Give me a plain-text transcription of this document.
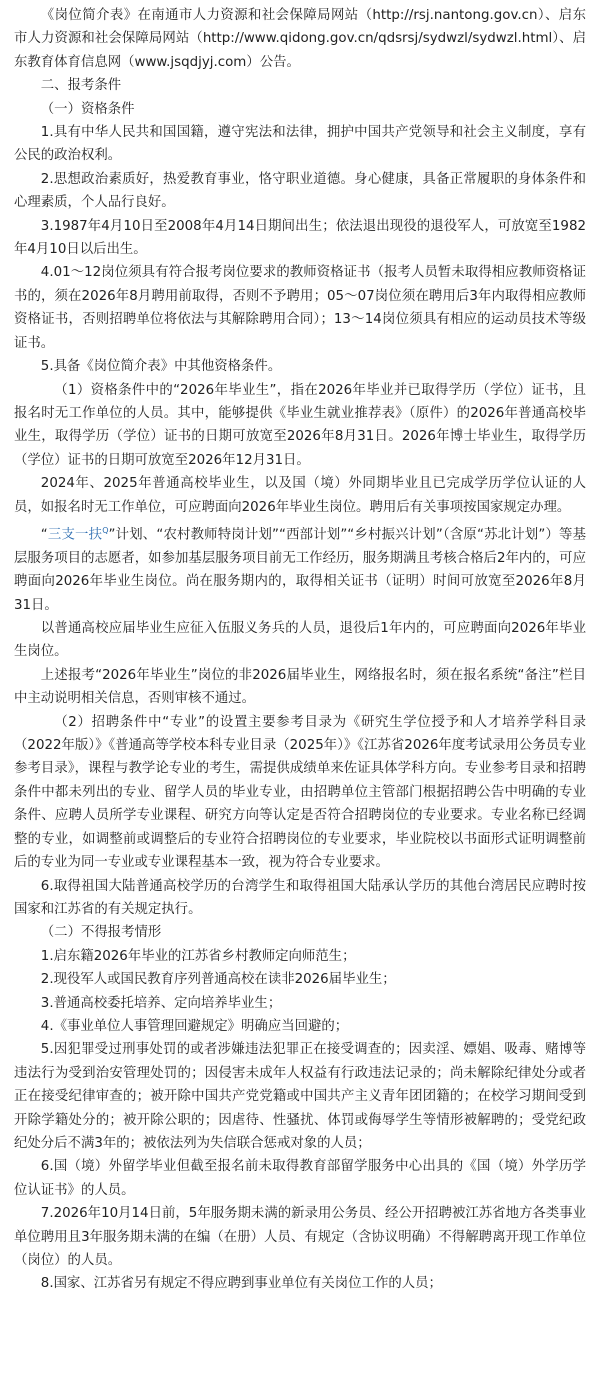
《岗位简介表》在南通市人力资源和社会保障局网站（http://rsj.nantong.gov.cn）、启东市人力资源和社会保障局网站（http://www.qidong.gov.cn/qdsrsj/sydwzl/sydwzl.html）、启东教育体育信息网（www.jsqdjyj.com）公告。

二、报考条件

（一）资格条件

1.具有中华人民共和国国籍，遵守宪法和法律，拥护中国共产党领导和社会主义制度，享有公民的政治权利。

2.思想政治素质好，热爱教育事业，恪守职业道德。身心健康，具备正常履职的身体条件和心理素质，个人品行良好。

3.1987年4月10日至2008年4月14日期间出生；依法退出现役的退役军人，可放宽至1982年4月10日以后出生。

4.01～12岗位须具有符合报考岗位要求的教师资格证书（报考人员暂未取得相应教师资格证书的，须在2026年8月聘用前取得，否则不予聘用；05～07岗位须在聘用后3年内取得相应教师资格证书，否则招聘单位将依法与其解除聘用合同）；13～14岗位须具有相应的运动员技术等级证书。

5.具备《岗位简介表》中其他资格条件。

（1）资格条件中的“2026年毕业生”，指在2026年毕业并已取得学历（学位）证书，且报名时无工作单位的人员。其中，能够提供《毕业生就业推荐表》（原件）的2026年普通高校毕业生，取得学历（学位）证书的日期可放宽至2026年8月31日。2026年博士毕业生，取得学历（学位）证书的日期可放宽至2026年12月31日。

2024年、2025年普通高校毕业生，以及国（境）外同期毕业且已完成学历学位认证的人员，如报名时无工作单位，可应聘面向2026年毕业生岗位。聘用后有关事项按国家规定办理。

“三支一扶$^Q$”计划、“农村教师特岗计划”“西部计划”“乡村振兴计划”（含原“苏北计划”）等基层服务项目的志愿者，如参加基层服务项目前无工作经历，服务期满且考核合格后2年内的，可应聘面向2026年毕业生岗位。尚在服务期内的，取得相关证书（证明）时间可放宽至2026年8月31日。

以普通高校应届毕业生应征入伍服义务兵的人员，退役后1年内的，可应聘面向2026年毕业生岗位。

上述报考“2026年毕业生”岗位的非2026届毕业生，网络报名时，须在报名系统“备注”栏目中主动说明相关信息，否则审核不通过。

（2）招聘条件中“专业”的设置主要参考目录为《研究生学位授予和人才培养学科目录（2022年版）》《普通高等学校本科专业目录（2025年）》《江苏省2026年度考试录用公务员专业参考目录》，课程与教学论专业的考生，需提供成绩单来佐证具体学科方向。专业参考目录和招聘条件中都未列出的专业、留学人员的毕业专业，由招聘单位主管部门根据招聘公告中明确的专业条件、应聘人员所学专业课程、研究方向等认定是否符合招聘岗位的专业要求。专业名称已经调整的专业，如调整前或调整后的专业符合招聘岗位的专业要求，毕业院校以书面形式证明调整前后的专业为同一专业或专业课程基本一致，视为符合专业要求。

6.取得祖国大陆普通高校学历的台湾学生和取得祖国大陆承认学历的其他台湾居民应聘时按国家和江苏省的有关规定执行。

（二）不得报考情形

1.启东籍2026年毕业的江苏省乡村教师定向师范生；

2.现役军人或国民教育序列普通高校在读非2026届毕业生；

3.普通高校委托培养、定向培养毕业生；

4.《事业单位人事管理回避规定》明确应当回避的；

5.因犯罪受过刑事处罚的或者涉嫌违法犯罪正在接受调查的；因卖淫、嫖娼、吸毒、赌博等违法行为受到治安管理处罚的；因侵害未成年人权益有行政违法记录的；尚未解除纪律处分或者正在接受纪律审查的；被开除中国共产党党籍或中国共产主义青年团团籍的；在校学习期间受到开除学籍处分的；被开除公职的；因虐待、性骚扰、体罚或侮辱学生等情形被解聘的；受党纪政纪处分后不满3年的；被依法列为失信联合惩戒对象的人员；

6.国（境）外留学毕业但截至报名前未取得教育部留学服务中心出具的《国（境）外学历学位认证书》的人员。

7.2026年10月14日前，5年服务期未满的新录用公务员、经公开招聘被江苏省地方各类事业单位聘用且3年服务期未满的在编（在册）人员、有规定（含协议明确）不得解聘离开现工作单位（岗位）的人员。

8.国家、江苏省另有规定不得应聘到事业单位有关岗位工作的人员；
